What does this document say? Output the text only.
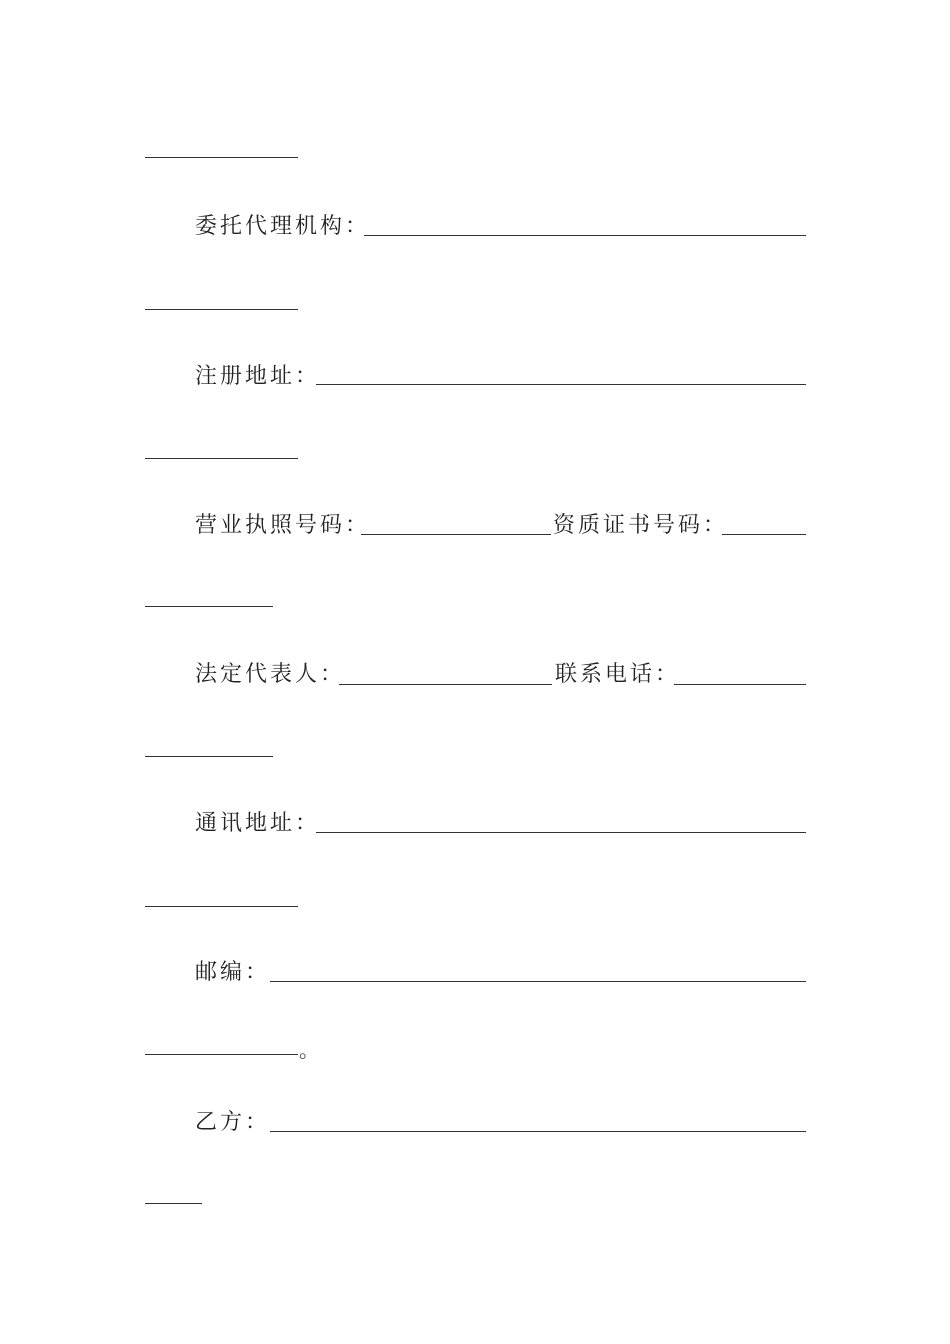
委托代理机构：
注册地址：
营业执照号码：	资质证书号码：
法定代表人：	联系电话：
通讯地址：
邮编：
。
乙方：
